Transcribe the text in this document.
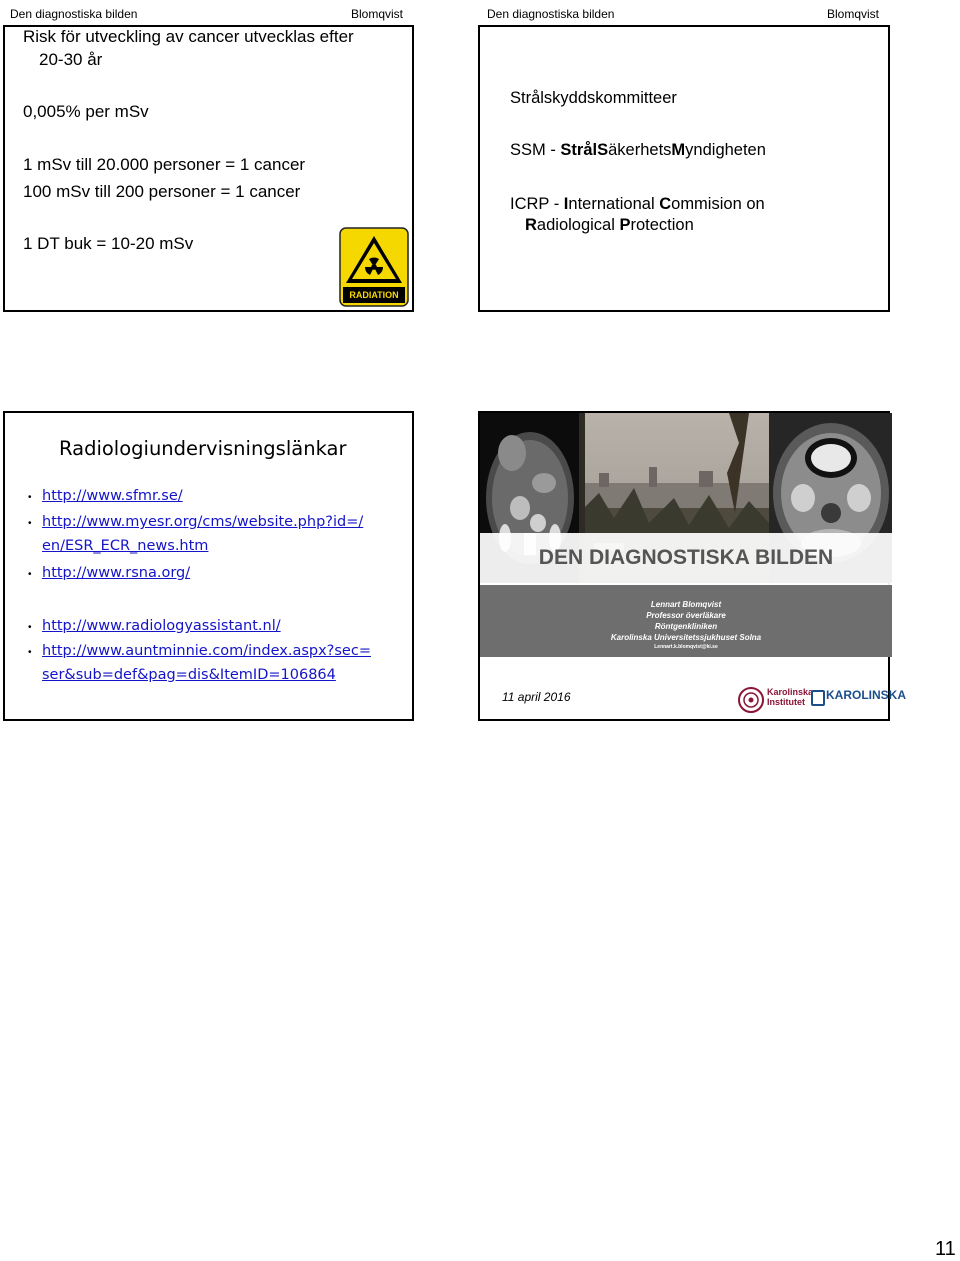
Den diagnostiska bilden	Blomqvist
Risk för utveckling av cancer utvecklas efter
20-30 år
0,005% per mSv
1 mSv till 20.000 personer = 1 cancer
100 mSv till 200 personer = 1 cancer
1 DT buk = 10-20 mSv
RADIATION
Den diagnostiska bilden	Blomqvist
Strålskyddskommitteer
SSM - StrålSäkerhetsMyndigheten
ICRP - International Commision on
Radiological Protection
Radiologiundervisningslänkar
• http://www.sfmr.se/
• http://www.myesr.org/cms/website.php?id=/
en/ESR_ECR_news.htm
• http://www.rsna.org/
• http://www.radiologyassistant.nl/
• http://www.auntminnie.com/index.aspx?sec=
ser&sub=def&pag=dis&ItemID=106864
DEN DIAGNOSTISKA BILDEN
Lennart Blomqvist
Professor överläkare
Röntgenkliniken
Karolinska Universitetssjukhuset Solna
Lennart.k.blomqvist@ki.se
11 april 2016	Karolinska Institutet KAROLINSKA
11
